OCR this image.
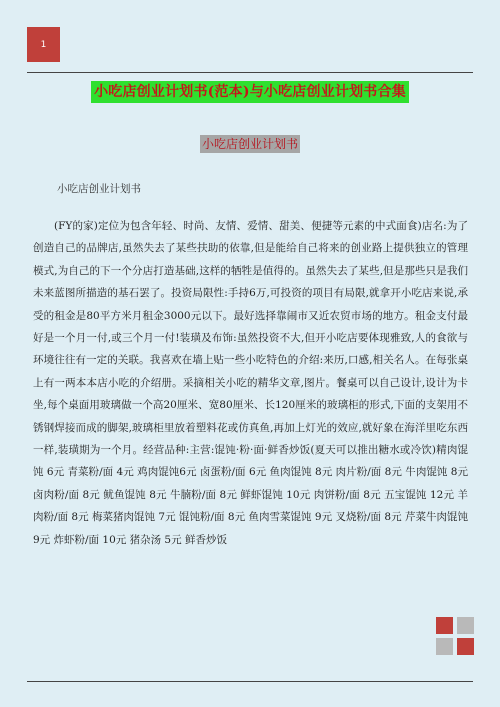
1
小吃店创业计划书(范本)与小吃店创业计划书合集
小吃店创业计划书
小吃店创业计划书

(FY的家)定位为包含年轻、时尚、友情、爱情、甜美、便捷等元素的中式面食)店名:为了创造自己的品牌店,虽然失去了某些扶助的依靠,但是能给自己将来的创业路上提供独立的管理模式,为自己的下一个分店打造基础,这样的牺牲是值得的。虽然失去了某些,但是那些只是我们未来蓝图所描造的基石罢了。投资局限性:手持6万,可投资的项目有局限,就拿开小吃店来说,承受的租金是80平方米月租金3000元以下。最好选择靠闹市又近农贸市场的地方。租金支付最好是一个月一付,或三个月一付!装璜及布饰:虽然投资不大,但开小吃店要体现雅致,人的食欲与环境往往有一定的关联。我喜欢在墙上贴一些小吃特色的介绍:来历,口感,相关名人。在每张桌上有一两本本店小吃的介绍册。采摘相关小吃的精华文章,图片。餐桌可以自己设计,设计为卡坐,每个桌面用玻璃做一个高20厘米、宽80厘米、长120厘米的玻璃柜的形式,下面的支架用不锈钢焊接而成的脚架,玻璃柜里放着塑料花或仿真鱼,再加上灯光的效应,就好象在海洋里吃东西一样,装璜期为一个月。经营品种:主营:馄饨·粉·面·鲜香炒饭(夏天可以推出糖水或冷饮)精肉馄饨 6元 青菜粉/面 4元 鸡肉馄饨6元 卤蛋粉/面 6元 鱼肉馄饨 8元 肉片粉/面 8元 牛肉馄饨 8元 卤肉粉/面 8元 鱿鱼馄饨 8元 牛腩粉/面 8元 鲜虾馄饨 10元 肉饼粉/面 8元 五宝馄饨 12元 羊肉粉/面 8元 梅菜猪肉馄饨 7元 馄饨粉/面 8元 鱼肉雪菜馄饨 9元 叉烧粉/面 8元 芹菜牛肉馄饨 9元 炸虾粉/面 10元 猪杂汤 5元 鲜香炒饭
